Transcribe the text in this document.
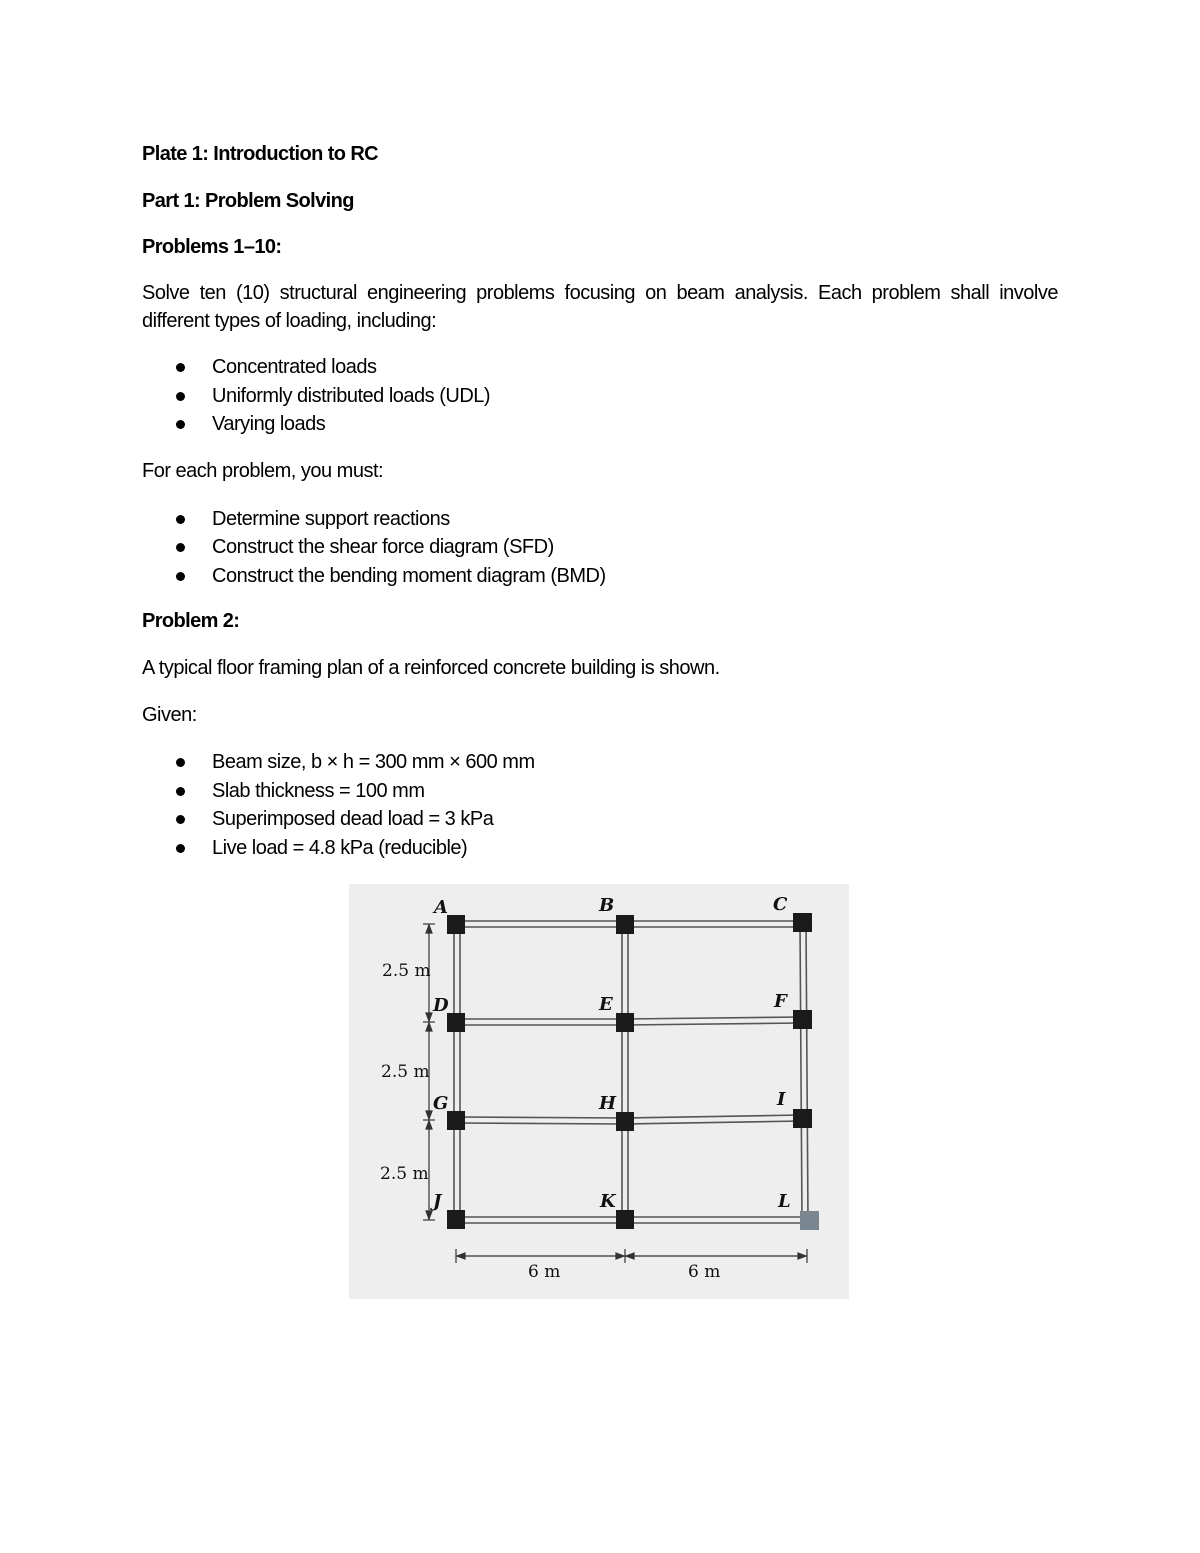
Plate 1: Introduction to RC

Part 1: Problem Solving

Problems 1–10:

Solve ten (10) structural engineering problems focusing on beam analysis. Each problem shall involve different types of loading, including:

Concentrated loads
Uniformly distributed loads (UDL)
Varying loads

For each problem, you must:

Determine support reactions
Construct the shear force diagram (SFD)
Construct the bending moment diagram (BMD)

Problem 2:

A typical floor framing plan of a reinforced concrete building is shown.

Given:

Beam size, b × h = 300 mm × 600 mm
Slab thickness = 100 mm
Superimposed dead load = 3 kPa
Live load = 4.8 kPa (reducible)
A	B	C
D	E	F
G	H	I
J	K	L
2.5 m
2.5 m
2.5 m
6 m	6 m
